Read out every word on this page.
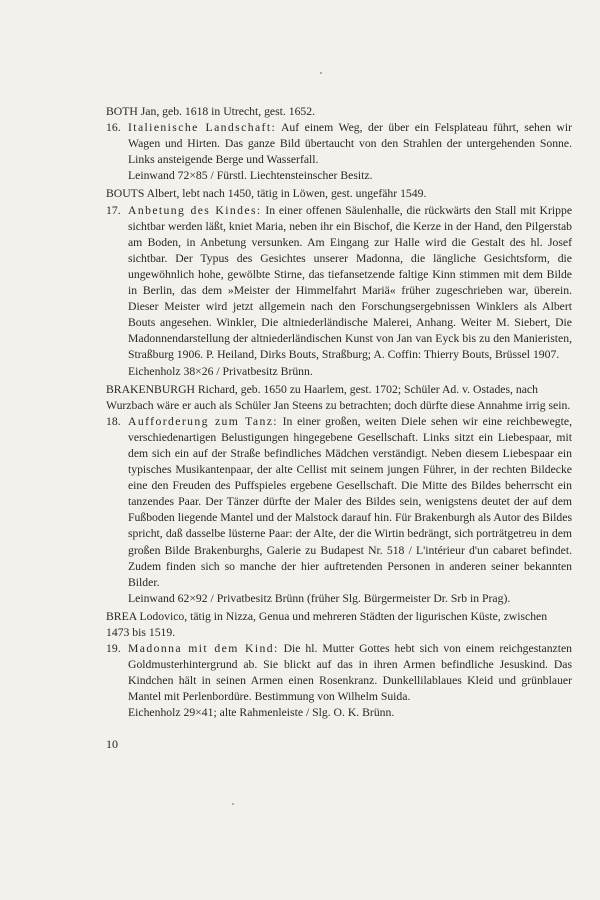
BOTH Jan, geb. 1618 in Utrecht, gest. 1652.

16. Italienische Landschaft: Auf einem Weg, der über ein Felsplateau führt, sehen wir Wagen und Hirten. Das ganze Bild übertaucht von den Strahlen der untergehenden Sonne. Links ansteigende Berge und Wasserfall.
Leinwand 72×85 / Fürstl. Liechtensteinscher Besitz.

BOUTS Albert, lebt nach 1450, tätig in Löwen, gest. ungefähr 1549.

17. Anbetung des Kindes: In einer offenen Säulenhalle, die rückwärts den Stall mit Krippe sichtbar werden läßt, kniet Maria, neben ihr ein Bischof, die Kerze in der Hand, den Pilgerstab am Boden, in Anbetung versunken. Am Eingang zur Halle wird die Gestalt des hl. Josef sichtbar. Der Typus des Gesichtes unserer Madonna, die längliche Gesichtsform, die ungewöhnlich hohe, gewölbte Stirne, das tiefansetzende faltige Kinn stimmen mit dem Bilde in Berlin, das dem »Meister der Himmelfahrt Mariä« früher zugeschrieben war, überein. Dieser Meister wird jetzt allgemein nach den Forschungsergebnissen Winklers als Albert Bouts angesehen. Winkler, Die altniederländische Malerei, Anhang. Weiter M. Siebert, Die Madonnendarstellung der altniederländischen Kunst von Jan van Eyck bis zu den Manieristen, Straßburg 1906. P. Heiland, Dirks Bouts, Straßburg; A. Coffin: Thierry Bouts, Brüssel 1907.
Eichenholz 38×26 / Privatbesitz Brünn.

BRAKENBURGH Richard, geb. 1650 zu Haarlem, gest. 1702; Schüler Ad. v. Ostades, nach Wurzbach wäre er auch als Schüler Jan Steens zu betrachten; doch dürfte diese Annahme irrig sein.

18. Aufforderung zum Tanz: In einer großen, weiten Diele sehen wir eine reichbewegte, verschiedenartigen Belustigungen hingegebene Gesellschaft. Links sitzt ein Liebespaar, mit dem sich ein auf der Straße befindliches Mädchen verständigt. Neben diesem Liebespaar ein typisches Musikantenpaar, der alte Cellist mit seinem jungen Führer, in der rechten Bildecke eine den Freuden des Puffspieles ergebene Gesellschaft. Die Mitte des Bildes beherrscht ein tanzendes Paar. Der Tänzer dürfte der Maler des Bildes sein, wenigstens deutet der auf dem Fußboden liegende Mantel und der Malstock darauf hin. Für Brakenburgh als Autor des Bildes spricht, daß dasselbe lüsterne Paar: der Alte, der die Wirtin bedrängt, sich porträtgetreu in dem großen Bilde Brakenburghs, Galerie zu Budapest Nr. 518 / L'intérieur d'un cabaret befindet. Zudem finden sich so manche der hier auftretenden Personen in anderen seiner bekannten Bilder.
Leinwand 62×92 / Privatbesitz Brünn (früher Slg. Bürgermeister Dr. Srb in Prag).

BREA Lodovico, tätig in Nizza, Genua und mehreren Städten der ligurischen Küste, zwischen 1473 bis 1519.

19. Madonna mit dem Kind: Die hl. Mutter Gottes hebt sich von einem reichgestanzten Goldmusterhintergrund ab. Sie blickt auf das in ihren Armen befindliche Jesuskind. Das Kindchen hält in seinen Armen einen Rosenkranz. Dunkellilablaues Kleid und grünblauer Mantel mit Perlenbordüre. Bestimmung von Wilhelm Suida.
Eichenholz 29×41; alte Rahmenleiste / Slg. O. K. Brünn.
10
